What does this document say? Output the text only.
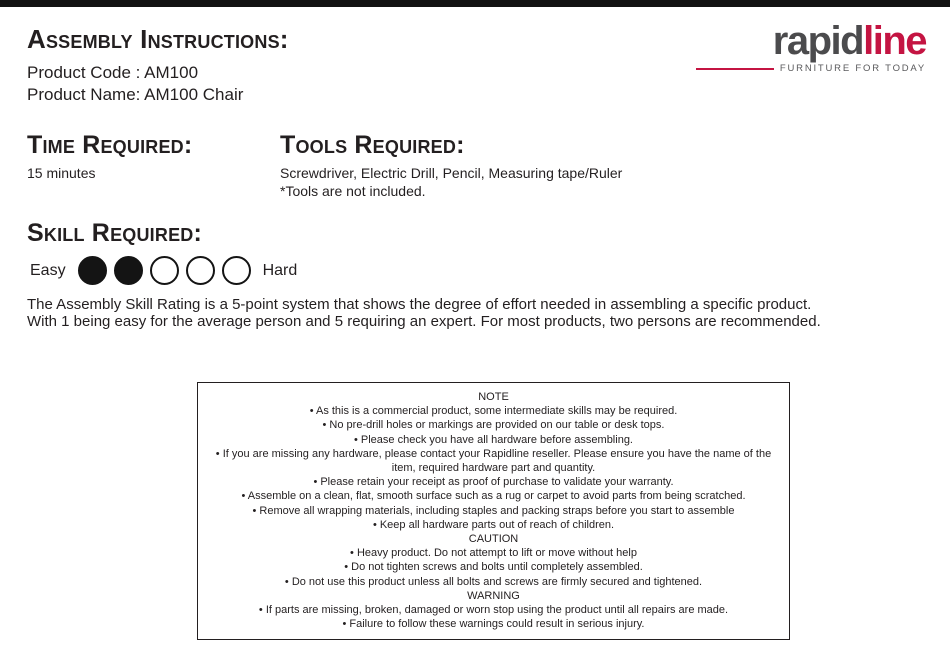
Assembly Instructions:
Product Code : AM100
Product Name: AM100 Chair
rapidline
FURNITURE FOR TODAY
Time Required:
15 minutes
Tools Required:
Screwdriver, Electric Drill, Pencil, Measuring tape/Ruler
*Tools are not included.
Skill Required:
Easy	Hard
The Assembly Skill Rating is a 5-point system that shows the degree of effort needed in assembling a specific product.
With 1 being easy for the average person and 5 requiring an expert. For most products, two persons are recommended.
NOTE
• As this is a commercial product, some intermediate skills may be required.
• No pre-drill holes or markings are provided on our table or desk tops.
• Please check you have all hardware before assembling.
• If you are missing any hardware, please contact your Rapidline reseller. Please ensure you have the name of the item, required hardware part and quantity.
• Please retain your receipt as proof of purchase to validate your warranty.
• Assemble on a clean, flat, smooth surface such as a rug or carpet to avoid parts from being scratched.
• Remove all wrapping materials, including staples and packing straps before you start to assemble
• Keep all hardware parts out of reach of children.
CAUTION
• Heavy product. Do not attempt to lift or move without help
• Do not tighten screws and bolts until completely assembled.
• Do not use this product unless all bolts and screws are firmly secured and tightened.
WARNING
• If parts are missing, broken, damaged or worn stop using the product until all repairs are made.
• Failure to follow these warnings could result in serious injury.
